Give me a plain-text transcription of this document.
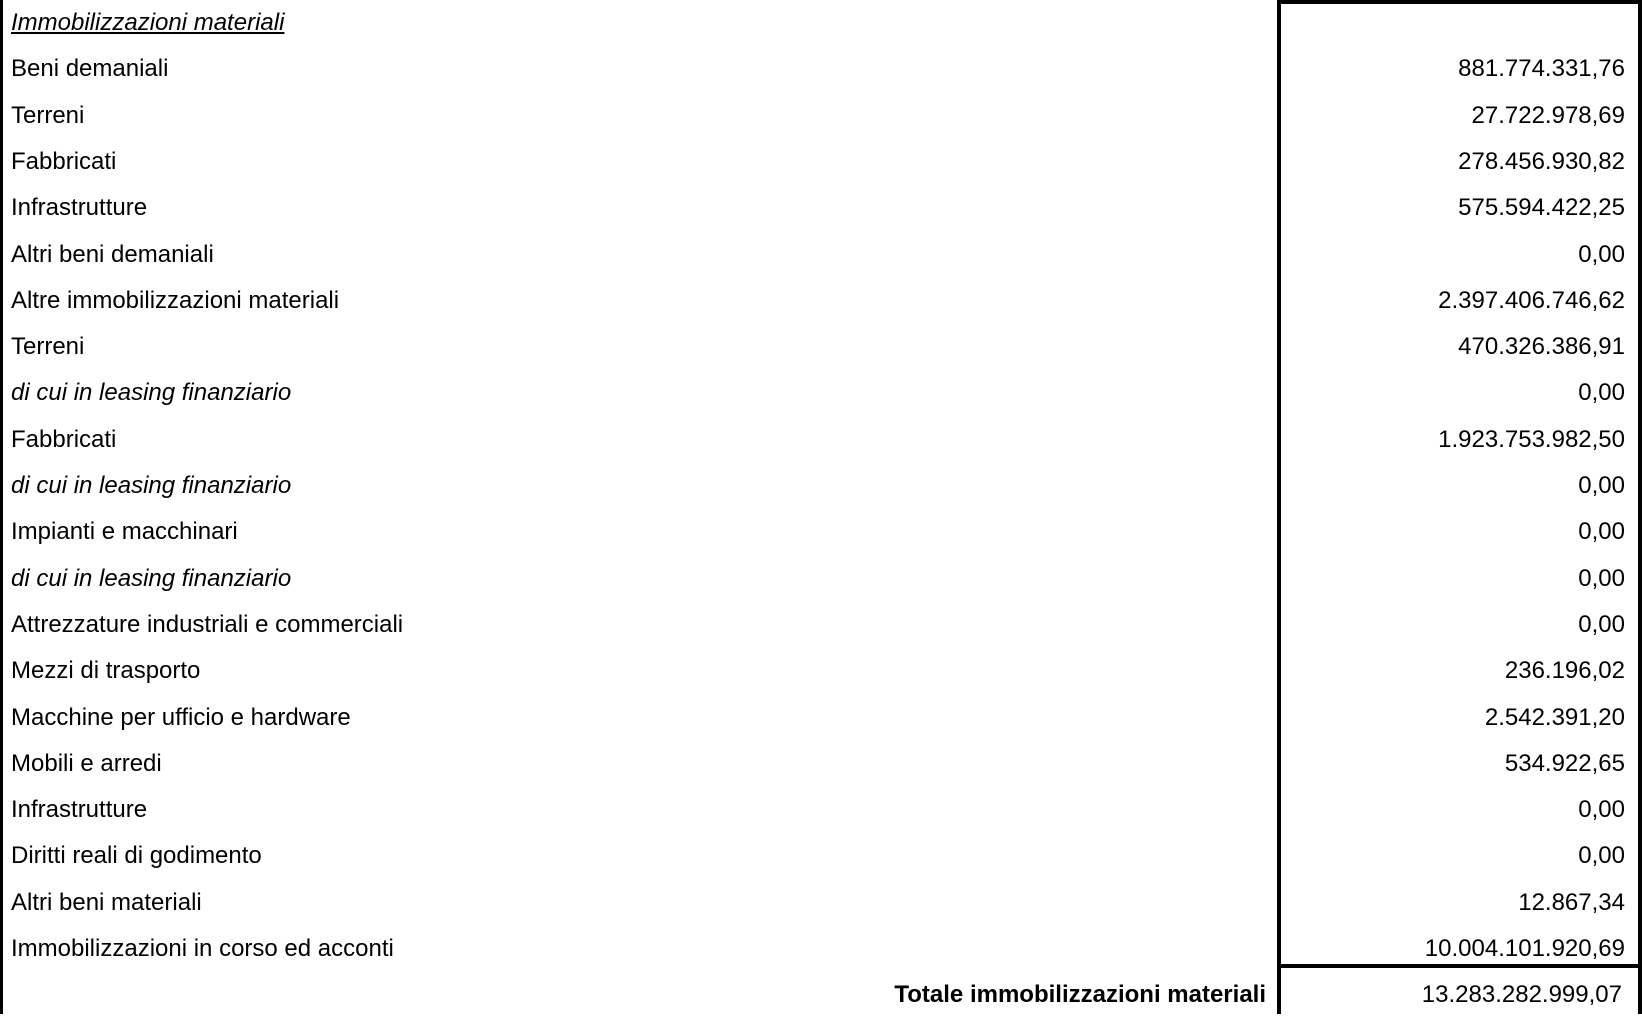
Immobilizzazioni materiali
Beni demaniali	881.774.331,76
Terreni	27.722.978,69
Fabbricati	278.456.930,82
Infrastrutture	575.594.422,25
Altri beni demaniali	0,00
Altre immobilizzazioni materiali	2.397.406.746,62
Terreni	470.326.386,91
di cui in leasing finanziario	0,00
Fabbricati	1.923.753.982,50
di cui in leasing finanziario	0,00
Impianti e macchinari	0,00
di cui in leasing finanziario	0,00
Attrezzature industriali e commerciali	0,00
Mezzi di trasporto	236.196,02
Macchine per ufficio e hardware	2.542.391,20
Mobili e arredi	534.922,65
Infrastrutture	0,00
Diritti reali di godimento	0,00
Altri beni materiali	12.867,34
Immobilizzazioni in corso ed acconti	10.004.101.920,69
Totale immobilizzazioni materiali	13.283.282.999,07
